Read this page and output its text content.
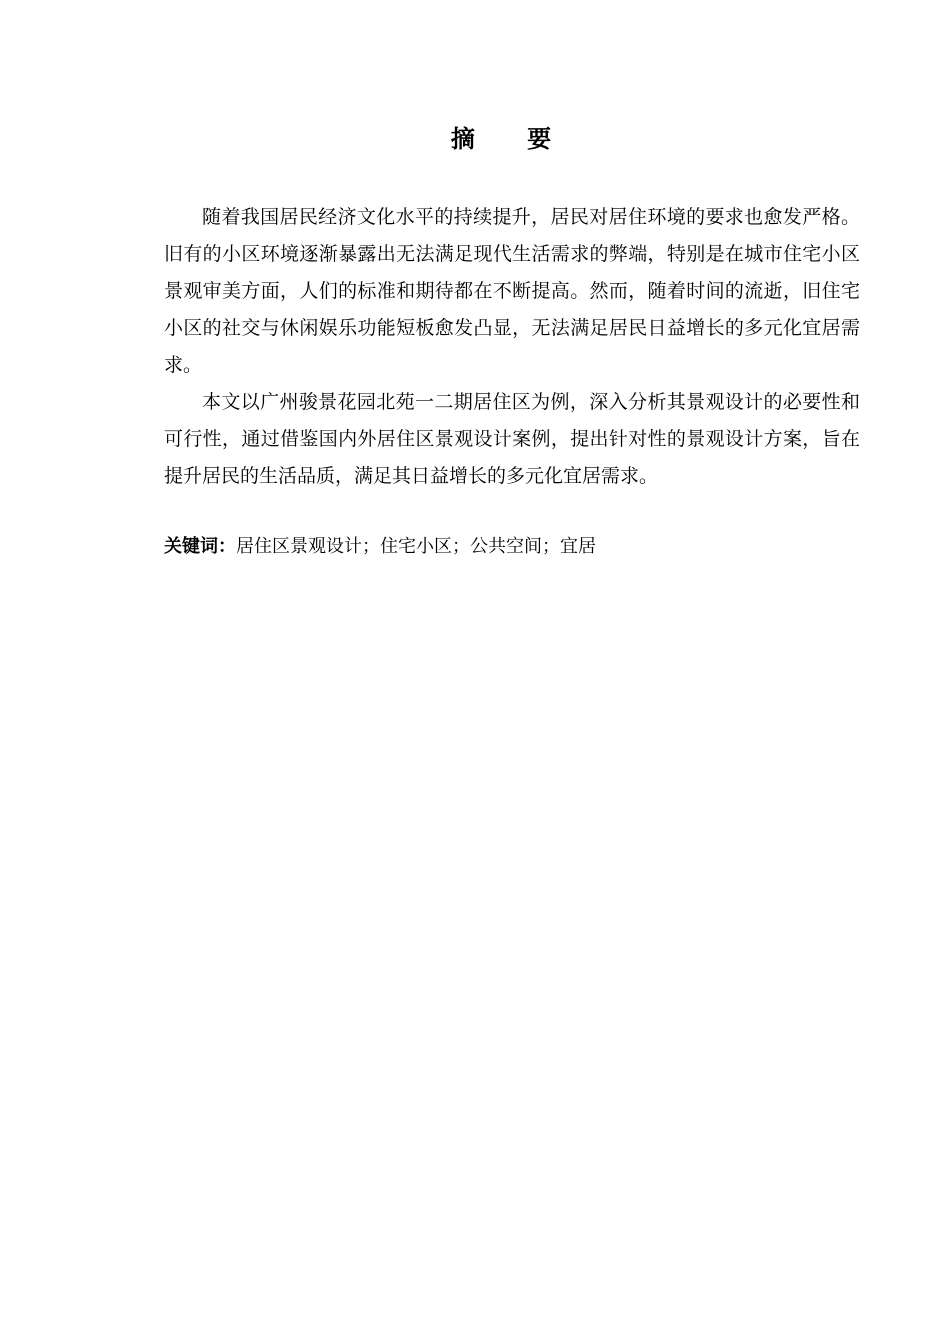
摘 要

随着我国居民经济文化水平的持续提升，居民对居住环境的要求也愈发严格。旧有的小区环境逐渐暴露出无法满足现代生活需求的弊端，特别是在城市住宅小区景观审美方面，人们的标准和期待都在不断提高。然而，随着时间的流逝，旧住宅小区的社交与休闲娱乐功能短板愈发凸显，无法满足居民日益增长的多元化宜居需求。

本文以广州骏景花园北苑一二期居住区为例，深入分析其景观设计的必要性和可行性，通过借鉴国内外居住区景观设计案例，提出针对性的景观设计方案，旨在提升居民的生活品质，满足其日益增长的多元化宜居需求。

关键词：居住区景观设计；住宅小区；公共空间；宜居
